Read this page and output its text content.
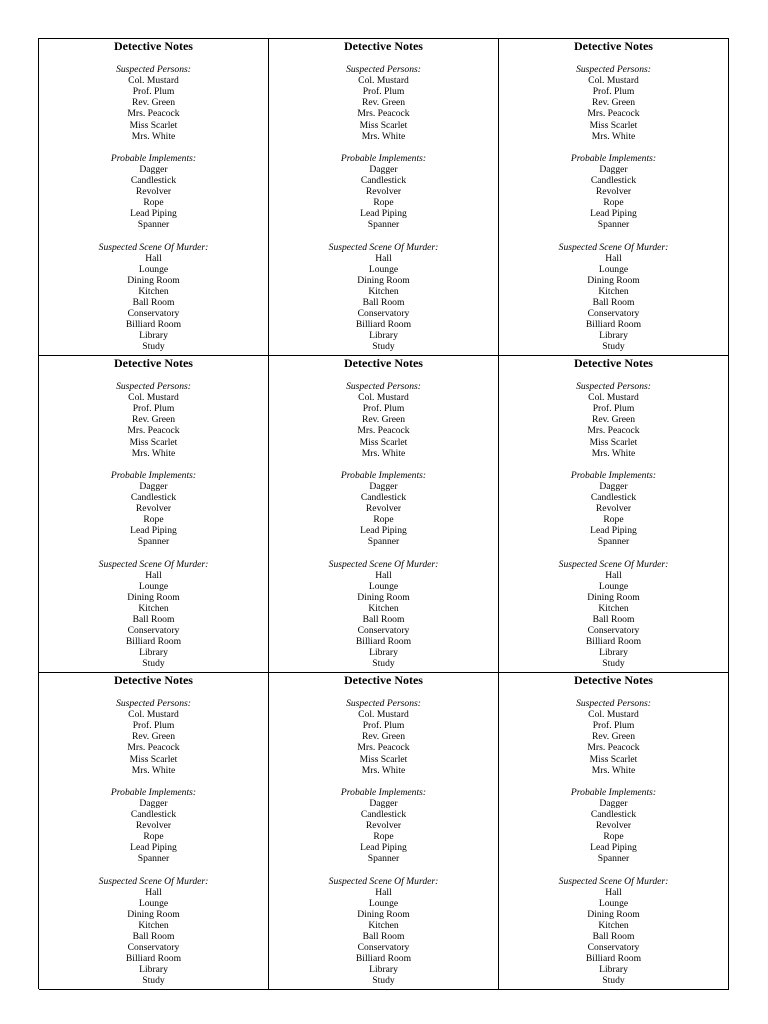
Detective Notes
Suspected Persons:
Col. Mustard
Prof. Plum
Rev. Green
Mrs. Peacock
Miss Scarlet
Mrs. White
Probable Implements:
Dagger
Candlestick
Revolver
Rope
Lead Piping
Spanner
Suspected Scene Of Murder:
Hall
Lounge
Dining Room
Kitchen
Ball Room
Conservatory
Billiard Room
Library
Study
Detective Notes
Suspected Persons:
Col. Mustard
Prof. Plum
Rev. Green
Mrs. Peacock
Miss Scarlet
Mrs. White
Probable Implements:
Dagger
Candlestick
Revolver
Rope
Lead Piping
Spanner
Suspected Scene Of Murder:
Hall
Lounge
Dining Room
Kitchen
Ball Room
Conservatory
Billiard Room
Library
Study
Detective Notes
Suspected Persons:
Col. Mustard
Prof. Plum
Rev. Green
Mrs. Peacock
Miss Scarlet
Mrs. White
Probable Implements:
Dagger
Candlestick
Revolver
Rope
Lead Piping
Spanner
Suspected Scene Of Murder:
Hall
Lounge
Dining Room
Kitchen
Ball Room
Conservatory
Billiard Room
Library
Study
Detective Notes
Suspected Persons:
Col. Mustard
Prof. Plum
Rev. Green
Mrs. Peacock
Miss Scarlet
Mrs. White
Probable Implements:
Dagger
Candlestick
Revolver
Rope
Lead Piping
Spanner
Suspected Scene Of Murder:
Hall
Lounge
Dining Room
Kitchen
Ball Room
Conservatory
Billiard Room
Library
Study
Detective Notes
Suspected Persons:
Col. Mustard
Prof. Plum
Rev. Green
Mrs. Peacock
Miss Scarlet
Mrs. White
Probable Implements:
Dagger
Candlestick
Revolver
Rope
Lead Piping
Spanner
Suspected Scene Of Murder:
Hall
Lounge
Dining Room
Kitchen
Ball Room
Conservatory
Billiard Room
Library
Study
Detective Notes
Suspected Persons:
Col. Mustard
Prof. Plum
Rev. Green
Mrs. Peacock
Miss Scarlet
Mrs. White
Probable Implements:
Dagger
Candlestick
Revolver
Rope
Lead Piping
Spanner
Suspected Scene Of Murder:
Hall
Lounge
Dining Room
Kitchen
Ball Room
Conservatory
Billiard Room
Library
Study
Detective Notes
Suspected Persons:
Col. Mustard
Prof. Plum
Rev. Green
Mrs. Peacock
Miss Scarlet
Mrs. White
Probable Implements:
Dagger
Candlestick
Revolver
Rope
Lead Piping
Spanner
Suspected Scene Of Murder:
Hall
Lounge
Dining Room
Kitchen
Ball Room
Conservatory
Billiard Room
Library
Study
Detective Notes
Suspected Persons:
Col. Mustard
Prof. Plum
Rev. Green
Mrs. Peacock
Miss Scarlet
Mrs. White
Probable Implements:
Dagger
Candlestick
Revolver
Rope
Lead Piping
Spanner
Suspected Scene Of Murder:
Hall
Lounge
Dining Room
Kitchen
Ball Room
Conservatory
Billiard Room
Library
Study
Detective Notes
Suspected Persons:
Col. Mustard
Prof. Plum
Rev. Green
Mrs. Peacock
Miss Scarlet
Mrs. White
Probable Implements:
Dagger
Candlestick
Revolver
Rope
Lead Piping
Spanner
Suspected Scene Of Murder:
Hall
Lounge
Dining Room
Kitchen
Ball Room
Conservatory
Billiard Room
Library
Study
